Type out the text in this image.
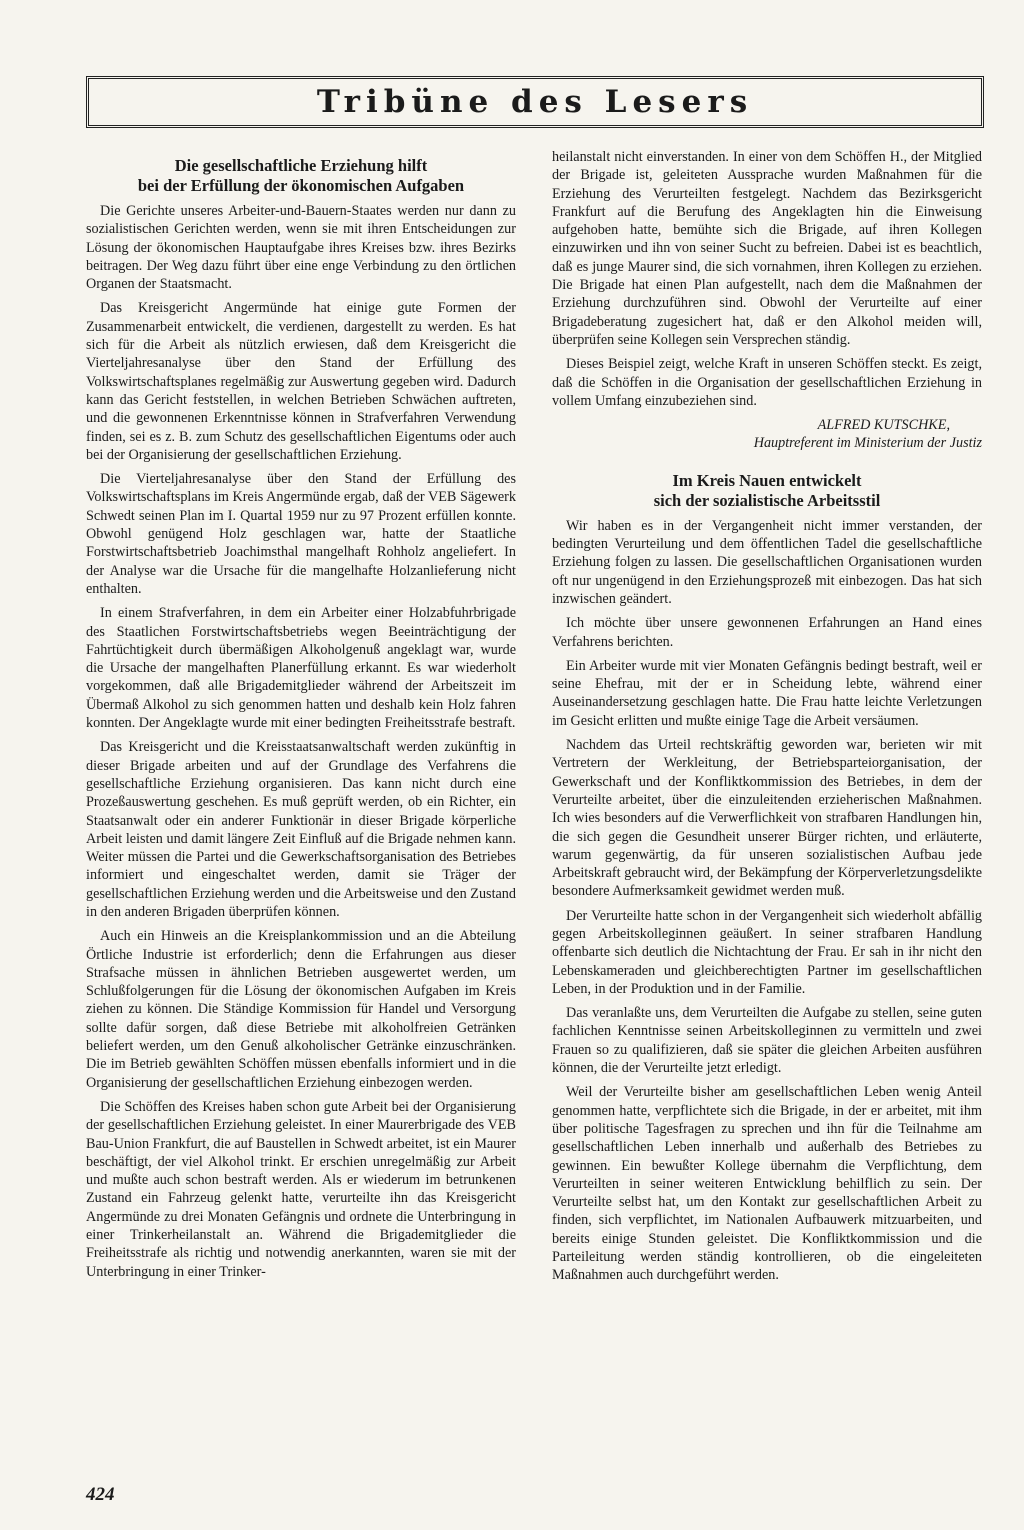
Tribüne des Lesers
Die gesellschaftliche Erziehung hilft
bei der Erfüllung der ökonomischen Aufgaben

Die Gerichte unseres Arbeiter-und-Bauern-Staates werden nur dann zu sozialistischen Gerichten werden, wenn sie mit ihren Entscheidungen zur Lösung der ökonomischen Hauptaufgabe ihres Kreises bzw. ihres Bezirks beitragen. Der Weg dazu führt über eine enge Verbindung zu den örtlichen Organen der Staatsmacht.

Das Kreisgericht Angermünde hat einige gute Formen der Zusammenarbeit entwickelt, die verdienen, dargestellt zu werden. Es hat sich für die Arbeit als nützlich erwiesen, daß dem Kreisgericht die Vierteljahresanalyse über den Stand der Erfüllung des Volkswirtschaftsplanes regelmäßig zur Auswertung gegeben wird. Dadurch kann das Gericht feststellen, in welchen Betrieben Schwächen auftreten, und die gewonnenen Erkenntnisse können in Strafverfahren Verwendung finden, sei es z. B. zum Schutz des gesellschaftlichen Eigentums oder auch bei der Organisierung der gesellschaftlichen Erziehung.

Die Vierteljahresanalyse über den Stand der Erfüllung des Volkswirtschaftsplans im Kreis Angermünde ergab, daß der VEB Sägewerk Schwedt seinen Plan im I. Quartal 1959 nur zu 97 Prozent erfüllen konnte. Obwohl genügend Holz geschlagen war, hatte der Staatliche Forstwirtschaftsbetrieb Joachimsthal mangelhaft Rohholz angeliefert. In der Analyse war die Ursache für die mangelhafte Holzanlieferung nicht enthalten.

In einem Strafverfahren, in dem ein Arbeiter einer Holzabfuhrbrigade des Staatlichen Forstwirtschaftsbetriebs wegen Beeinträchtigung der Fahrtüchtigkeit durch übermäßigen Alkoholgenuß angeklagt war, wurde die Ursache der mangelhaften Planerfüllung erkannt. Es war wiederholt vorgekommen, daß alle Brigademitglieder während der Arbeitszeit im Übermaß Alkohol zu sich genommen hatten und deshalb kein Holz fahren konnten. Der Angeklagte wurde mit einer bedingten Freiheitsstrafe bestraft.

Das Kreisgericht und die Kreisstaatsanwaltschaft werden zukünftig in dieser Brigade arbeiten und auf der Grundlage des Verfahrens die gesellschaftliche Erziehung organisieren. Das kann nicht durch eine Prozeßauswertung geschehen. Es muß geprüft werden, ob ein Richter, ein Staatsanwalt oder ein anderer Funktionär in dieser Brigade körperliche Arbeit leisten und damit längere Zeit Einfluß auf die Brigade nehmen kann. Weiter müssen die Partei und die Gewerkschaftsorganisation des Betriebes informiert und eingeschaltet werden, damit sie Träger der gesellschaftlichen Erziehung werden und die Arbeitsweise und den Zustand in den anderen Brigaden überprüfen können.

Auch ein Hinweis an die Kreisplankommission und an die Abteilung Örtliche Industrie ist erforderlich; denn die Erfahrungen aus dieser Strafsache müssen in ähnlichen Betrieben ausgewertet werden, um Schlußfolgerungen für die Lösung der ökonomischen Aufgaben im Kreis ziehen zu können. Die Ständige Kommission für Handel und Versorgung sollte dafür sorgen, daß diese Betriebe mit alkoholfreien Getränken beliefert werden, um den Genuß alkoholischer Getränke einzuschränken. Die im Betrieb gewählten Schöffen müssen ebenfalls informiert und in die Organisierung der gesellschaftlichen Erziehung einbezogen werden.

Die Schöffen des Kreises haben schon gute Arbeit bei der Organisierung der gesellschaftlichen Erziehung geleistet. In einer Maurerbrigade des VEB Bau-Union Frankfurt, die auf Baustellen in Schwedt arbeitet, ist ein Maurer beschäftigt, der viel Alkohol trinkt. Er erschien unregelmäßig zur Arbeit und mußte auch schon bestraft werden. Als er wiederum im betrunkenen Zustand ein Fahrzeug gelenkt hatte, verurteilte ihn das Kreisgericht Angermünde zu drei Monaten Gefängnis und ordnete die Unterbringung in einer Trinkerheilanstalt an. Während die Brigademitglieder die Freiheitsstrafe als richtig und notwendig anerkannten, waren sie mit der Unterbringung in einer Trinker-

heilanstalt nicht einverstanden. In einer von dem Schöffen H., der Mitglied der Brigade ist, geleiteten Aussprache wurden Maßnahmen für die Erziehung des Verurteilten festgelegt. Nachdem das Bezirksgericht Frankfurt auf die Berufung des Angeklagten hin die Einweisung aufgehoben hatte, bemühte sich die Brigade, auf ihren Kollegen einzuwirken und ihn von seiner Sucht zu befreien. Dabei ist es beachtlich, daß es junge Maurer sind, die sich vornahmen, ihren Kollegen zu erziehen. Die Brigade hat einen Plan aufgestellt, nach dem die Maßnahmen der Erziehung durchzuführen sind. Obwohl der Verurteilte auf einer Brigadeberatung zugesichert hat, daß er den Alkohol meiden will, überprüfen seine Kollegen sein Versprechen ständig.

Dieses Beispiel zeigt, welche Kraft in unseren Schöffen steckt. Es zeigt, daß die Schöffen in die Organisation der gesellschaftlichen Erziehung in vollem Umfang einzubeziehen sind.

ALFRED KUTSCHKE,

Hauptreferent im Ministerium der Justiz

Im Kreis Nauen entwickelt
sich der sozialistische Arbeitsstil

Wir haben es in der Vergangenheit nicht immer verstanden, der bedingten Verurteilung und dem öffentlichen Tadel die gesellschaftliche Erziehung folgen zu lassen. Die gesellschaftlichen Organisationen wurden oft nur ungenügend in den Erziehungsprozeß mit einbezogen. Das hat sich inzwischen geändert.

Ich möchte über unsere gewonnenen Erfahrungen an Hand eines Verfahrens berichten.

Ein Arbeiter wurde mit vier Monaten Gefängnis bedingt bestraft, weil er seine Ehefrau, mit der er in Scheidung lebte, während einer Auseinandersetzung geschlagen hatte. Die Frau hatte leichte Verletzungen im Gesicht erlitten und mußte einige Tage die Arbeit versäumen.

Nachdem das Urteil rechtskräftig geworden war, berieten wir mit Vertretern der Werkleitung, der Betriebsparteiorganisation, der Gewerkschaft und der Konfliktkommission des Betriebes, in dem der Verurteilte arbeitet, über die einzuleitenden erzieherischen Maßnahmen. Ich wies besonders auf die Verwerflichkeit von strafbaren Handlungen hin, die sich gegen die Gesundheit unserer Bürger richten, und erläuterte, warum gegenwärtig, da für unseren sozialistischen Aufbau jede Arbeitskraft gebraucht wird, der Bekämpfung der Körperverletzungsdelikte besondere Aufmerksamkeit gewidmet werden muß.

Der Verurteilte hatte schon in der Vergangenheit sich wiederholt abfällig gegen Arbeitskolleginnen geäußert. In seiner strafbaren Handlung offenbarte sich deutlich die Nichtachtung der Frau. Er sah in ihr nicht den Lebenskameraden und gleichberechtigten Partner im gesellschaftlichen Leben, in der Produktion und in der Familie.

Das veranlaßte uns, dem Verurteilten die Aufgabe zu stellen, seine guten fachlichen Kenntnisse seinen Arbeitskolleginnen zu vermitteln und zwei Frauen so zu qualifizieren, daß sie später die gleichen Arbeiten ausführen können, die der Verurteilte jetzt erledigt.

Weil der Verurteilte bisher am gesellschaftlichen Leben wenig Anteil genommen hatte, verpflichtete sich die Brigade, in der er arbeitet, mit ihm über politische Tagesfragen zu sprechen und ihn für die Teilnahme am gesellschaftlichen Leben innerhalb und außerhalb des Betriebes zu gewinnen. Ein bewußter Kollege übernahm die Verpflichtung, dem Verurteilten in seiner weiteren Entwicklung behilflich zu sein. Der Verurteilte selbst hat, um den Kontakt zur gesellschaftlichen Arbeit zu finden, sich verpflichtet, im Nationalen Aufbauwerk mitzuarbeiten, und bereits einige Stunden geleistet. Die Konfliktkommission und die Parteileitung werden ständig kontrollieren, ob die eingeleiteten Maßnahmen auch durchgeführt werden.

424
